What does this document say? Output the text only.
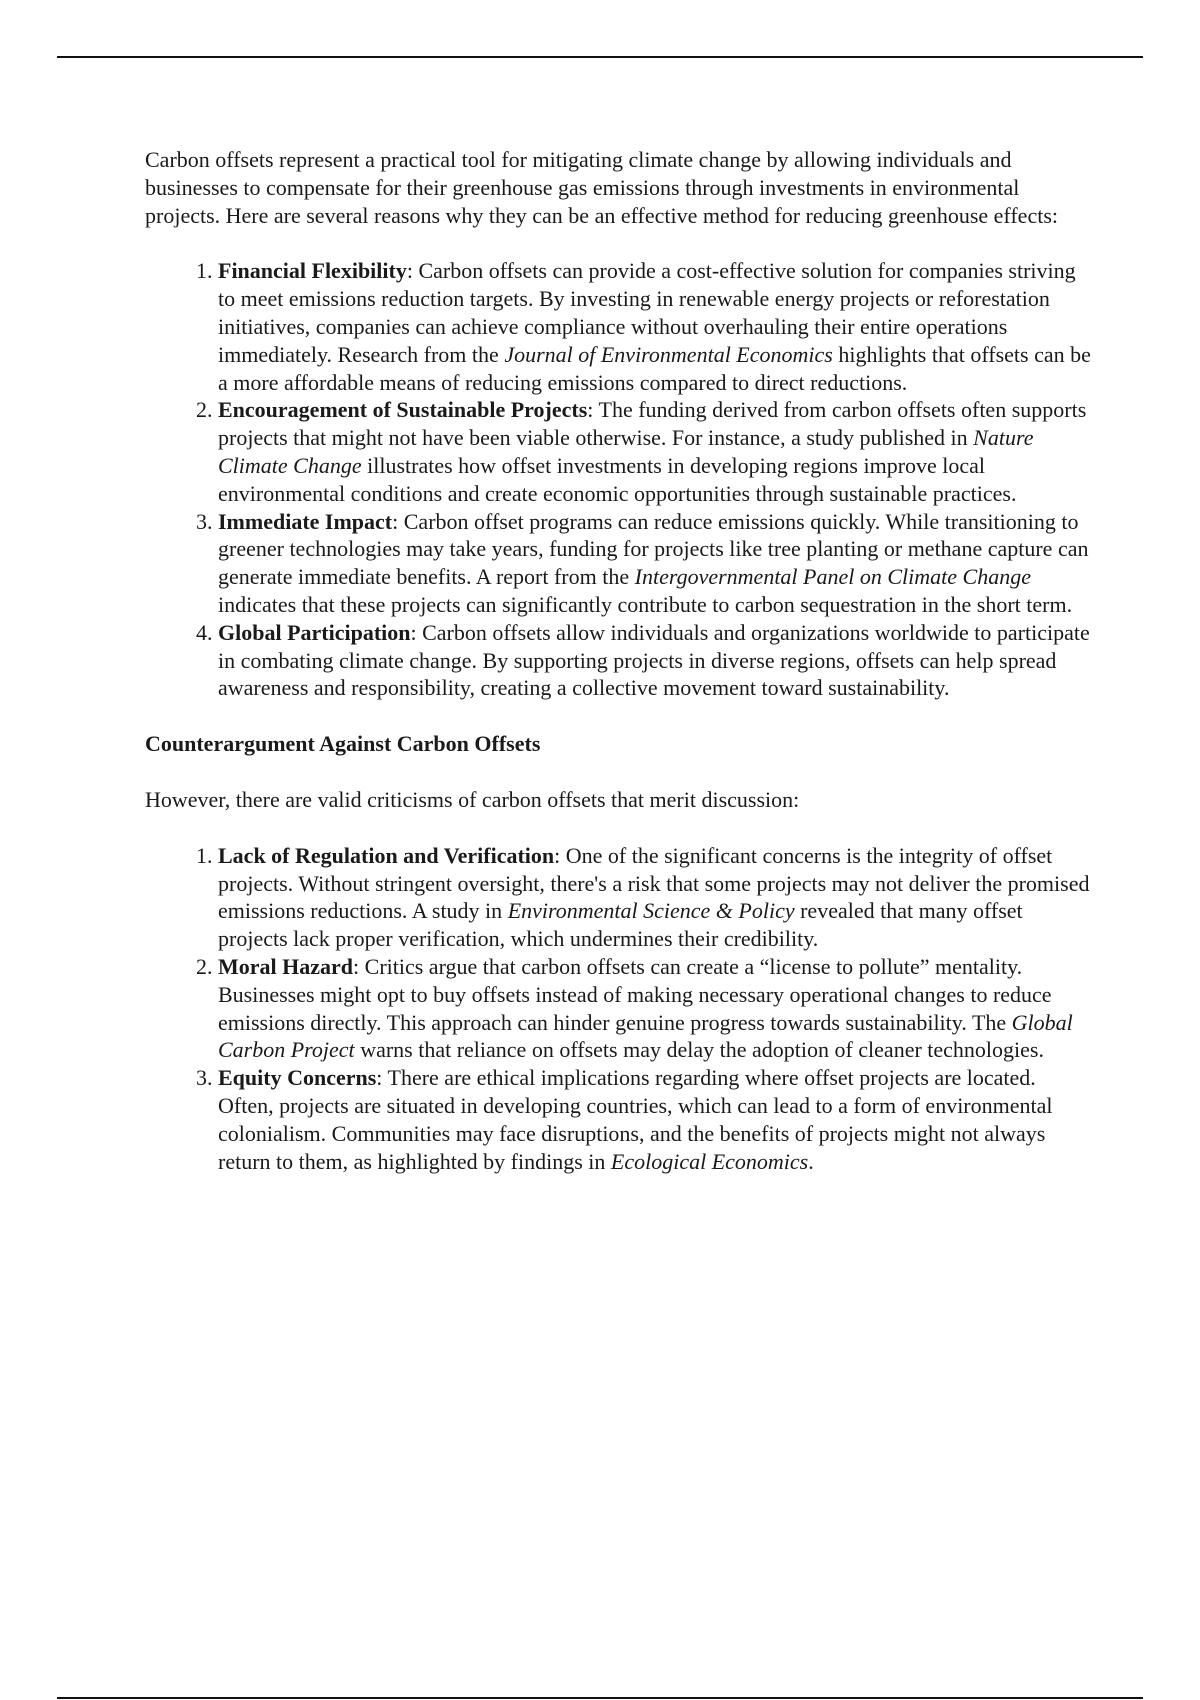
Carbon offsets represent a practical tool for mitigating climate change by allowing individuals and businesses to compensate for their greenhouse gas emissions through investments in environmental projects. Here are several reasons why they can be an effective method for reducing greenhouse effects:

1. Financial Flexibility: Carbon offsets can provide a cost-effective solution for companies striving to meet emissions reduction targets. By investing in renewable energy projects or reforestation initiatives, companies can achieve compliance without overhauling their entire operations immediately. Research from the Journal of Environmental Economics highlights that offsets can be a more affordable means of reducing emissions compared to direct reductions.
2. Encouragement of Sustainable Projects: The funding derived from carbon offsets often supports projects that might not have been viable otherwise. For instance, a study published in Nature Climate Change illustrates how offset investments in developing regions improve local environmental conditions and create economic opportunities through sustainable practices.
3. Immediate Impact: Carbon offset programs can reduce emissions quickly. While transitioning to greener technologies may take years, funding for projects like tree planting or methane capture can generate immediate benefits. A report from the Intergovernmental Panel on Climate Change indicates that these projects can significantly contribute to carbon sequestration in the short term.
4. Global Participation: Carbon offsets allow individuals and organizations worldwide to participate in combating climate change. By supporting projects in diverse regions, offsets can help spread awareness and responsibility, creating a collective movement toward sustainability.

Counterargument Against Carbon Offsets

However, there are valid criticisms of carbon offsets that merit discussion:

1. Lack of Regulation and Verification: One of the significant concerns is the integrity of offset projects. Without stringent oversight, there's a risk that some projects may not deliver the promised emissions reductions. A study in Environmental Science & Policy revealed that many offset projects lack proper verification, which undermines their credibility.
2. Moral Hazard: Critics argue that carbon offsets can create a “license to pollute” mentality. Businesses might opt to buy offsets instead of making necessary operational changes to reduce emissions directly. This approach can hinder genuine progress towards sustainability. The Global Carbon Project warns that reliance on offsets may delay the adoption of cleaner technologies.
3. Equity Concerns: There are ethical implications regarding where offset projects are located. Often, projects are situated in developing countries, which can lead to a form of environmental colonialism. Communities may face disruptions, and the benefits of projects might not always return to them, as highlighted by findings in Ecological Economics.
